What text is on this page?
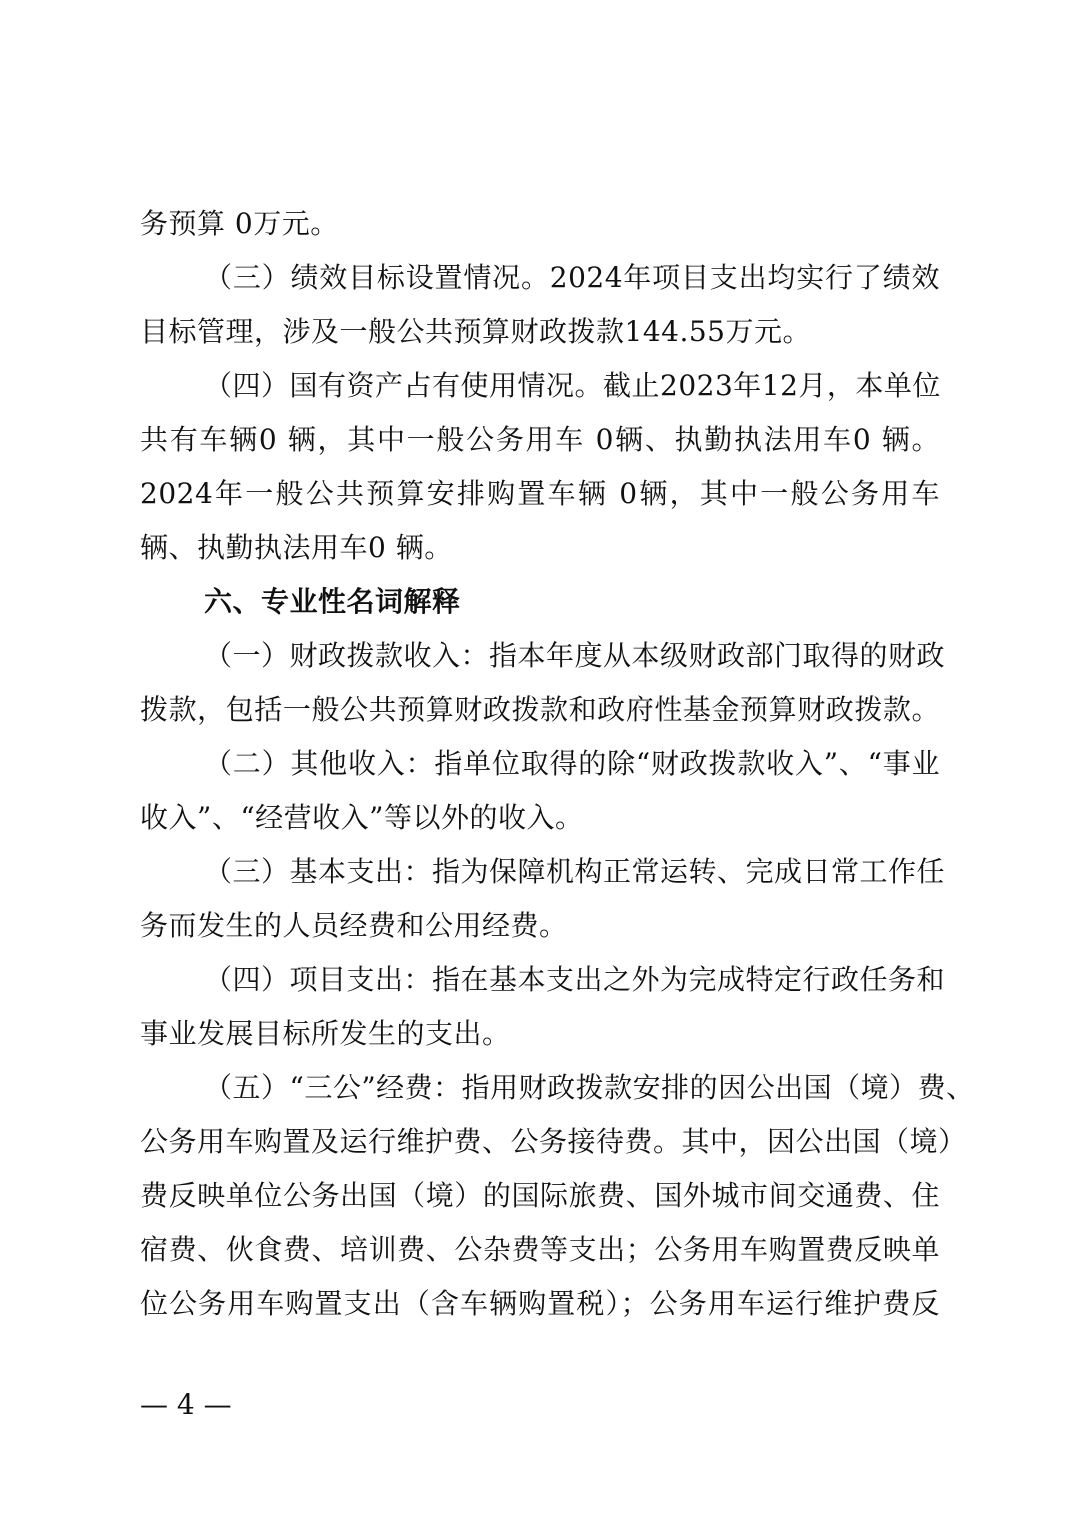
务预算 0万元。
（三）绩效目标设置情况。2024年项目支出均实行了绩效
目标管理，涉及一般公共预算财政拨款144.55万元。
（四）国有资产占有使用情况。截止2023年12月，本单位
共有车辆0 辆，其中一般公务用车 0辆、执勤执法用车0 辆。
2024年一般公共预算安排购置车辆 0辆，其中一般公务用车
辆、执勤执法用车0 辆。
六、专业性名词解释
（一）财政拨款收入：指本年度从本级财政部门取得的财政
拨款，包括一般公共预算财政拨款和政府性基金预算财政拨款。
（二）其他收入：指单位取得的除“财政拨款收入”、“事业
收入”、“经营收入”等以外的收入。
（三）基本支出：指为保障机构正常运转、完成日常工作任
务而发生的人员经费和公用经费。
（四）项目支出：指在基本支出之外为完成特定行政任务和
事业发展目标所发生的支出。
（五）“三公”经费：指用财政拨款安排的因公出国（境）费、
公务用车购置及运行维护费、公务接待费。其中，因公出国（境）
费反映单位公务出国（境）的国际旅费、国外城市间交通费、住
宿费、伙食费、培训费、公杂费等支出；公务用车购置费反映单
位公务用车购置支出（含车辆购置税）；公务用车运行维护费反
— 4 —
